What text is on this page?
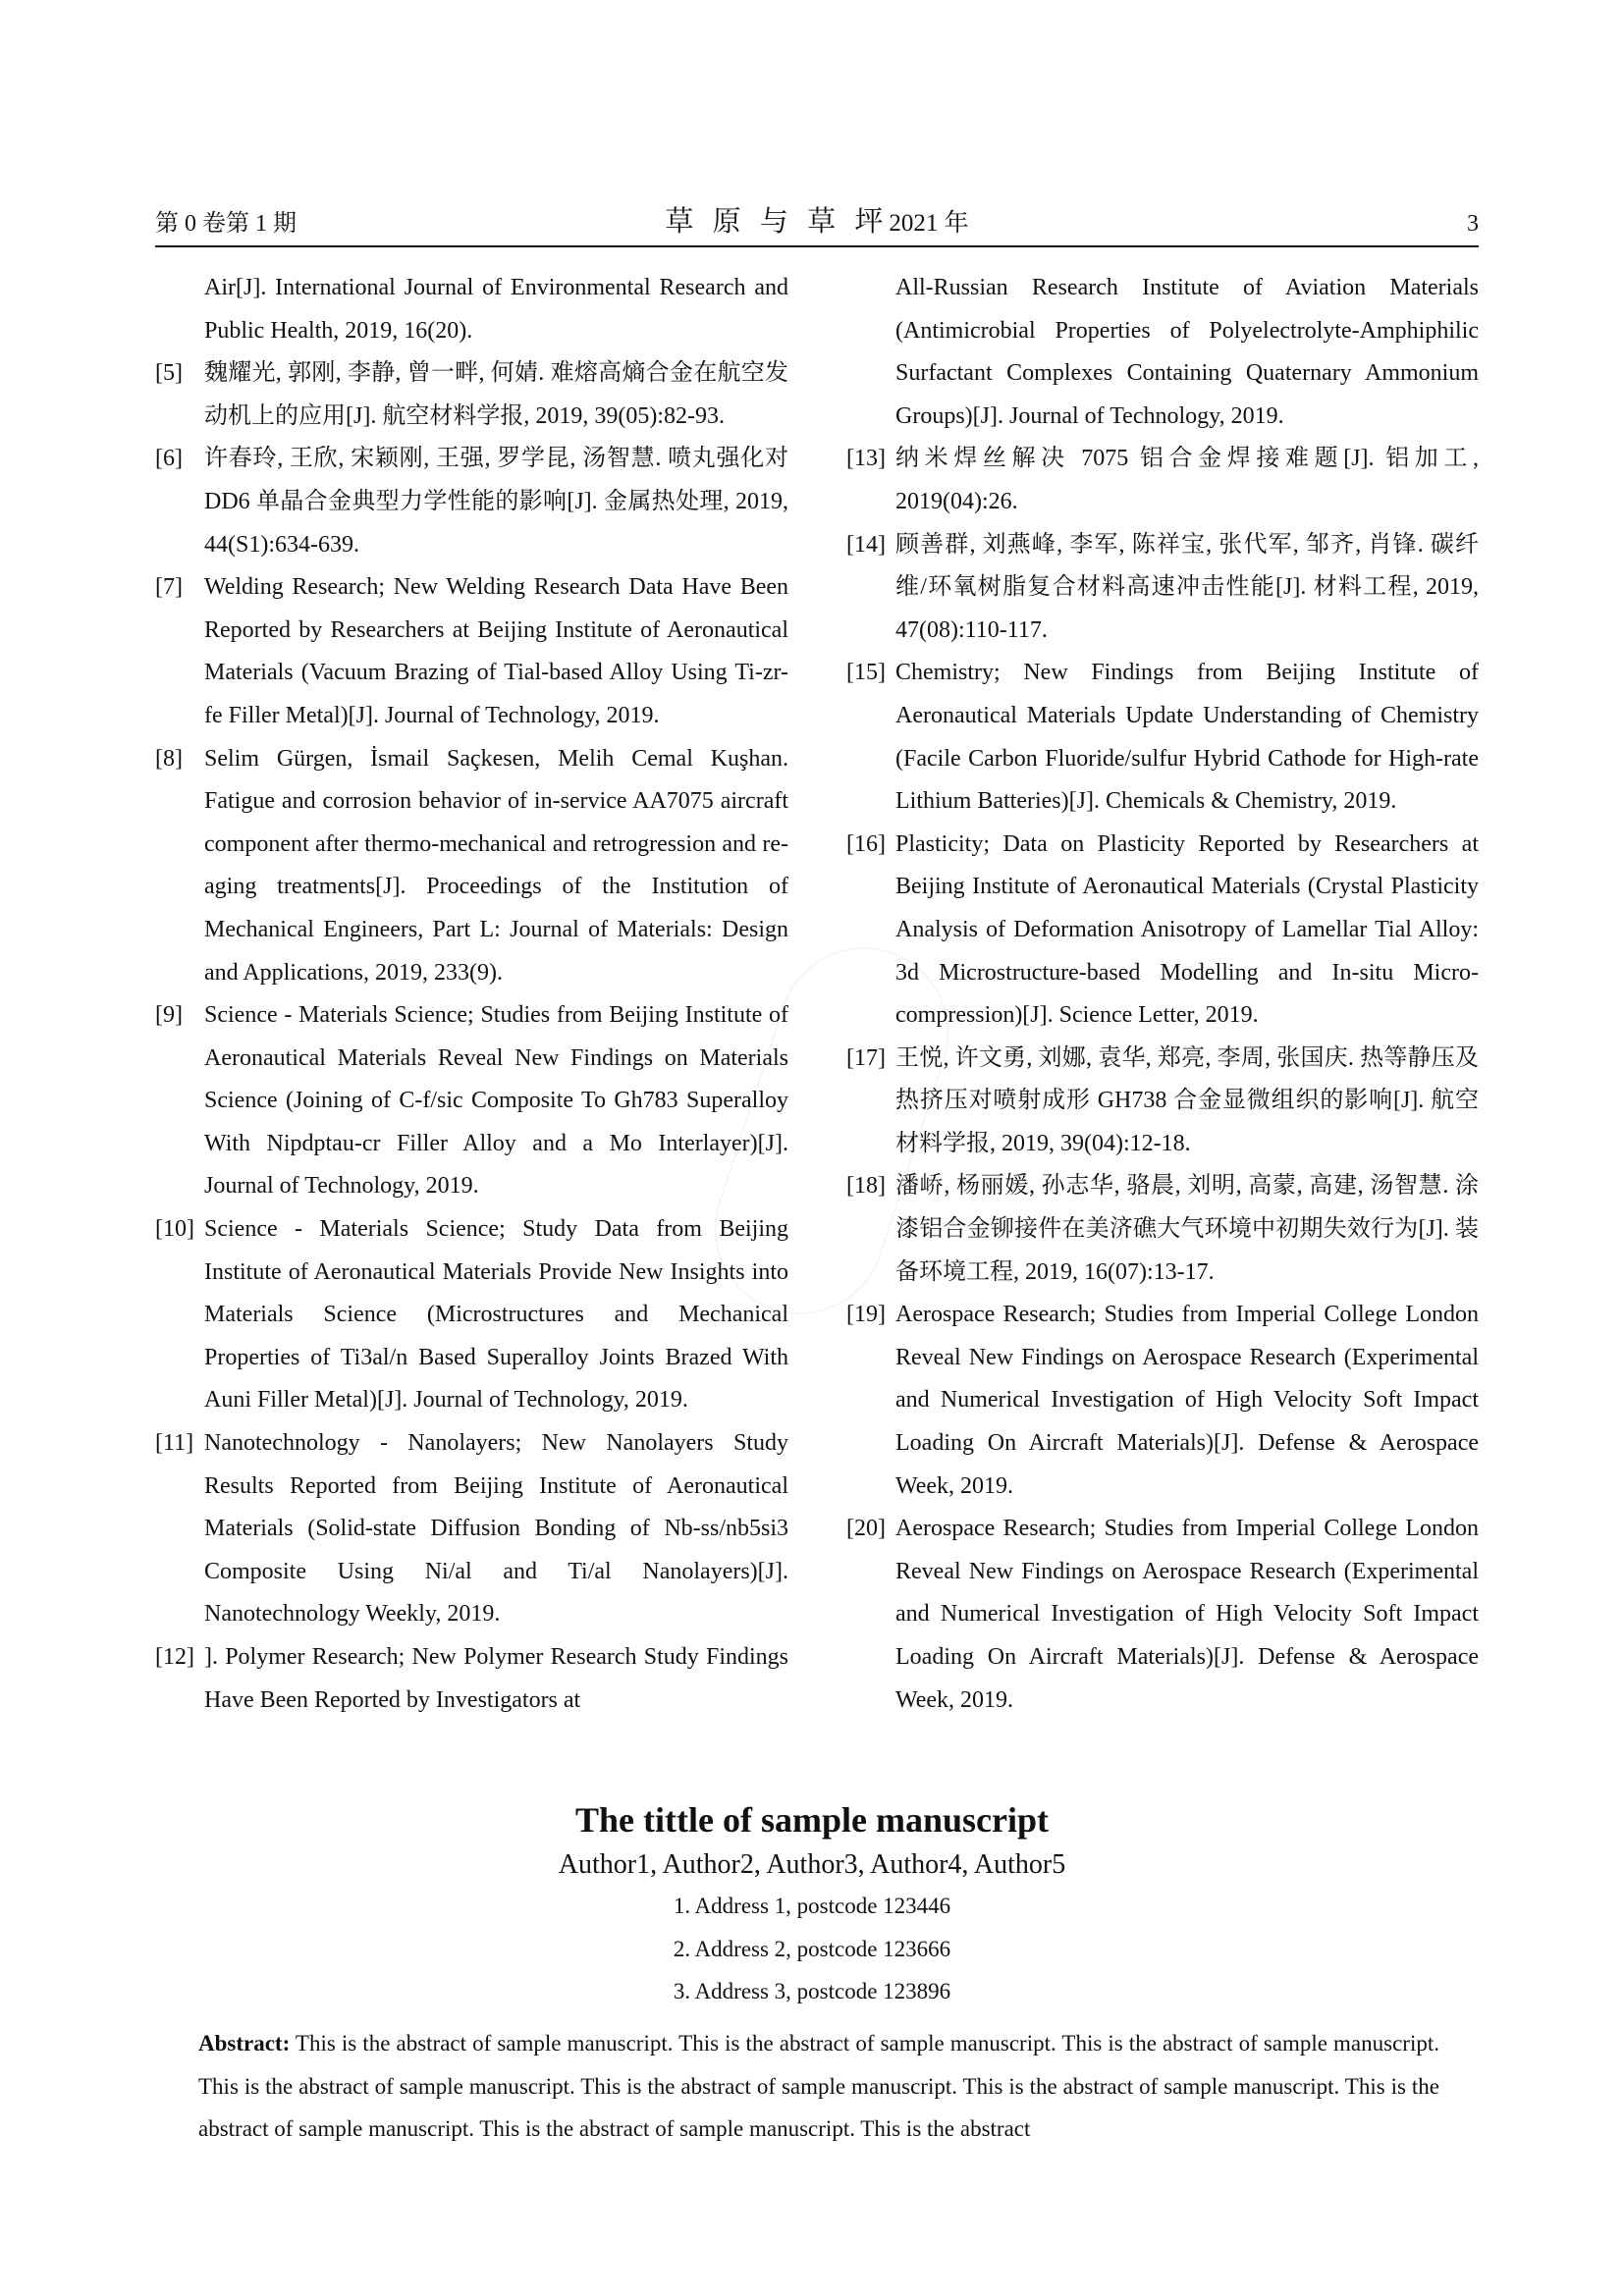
第 0 卷第 1 期	草 原 与 草 坪2021 年	3
Air[J]. International Journal of Environmental Research and Public Health, 2019, 16(20).
[5] 魏耀光, 郭刚, 李静, 曾一畔, 何婧. 难熔高熵合金在航空发动机上的应用[J]. 航空材料学报, 2019, 39(05):82-93.
[6] 许春玲, 王欣, 宋颖刚, 王强, 罗学昆, 汤智慧. 喷丸强化对 DD6 单晶合金典型力学性能的影响[J]. 金属热处理, 2019, 44(S1):634-639.
[7] Welding Research; New Welding Research Data Have Been Reported by Researchers at Beijing Institute of Aeronautical Materials (Vacuum Brazing of Tial-based Alloy Using Ti-zr-fe Filler Metal)[J]. Journal of Technology, 2019.
[8] Selim Gürgen, İsmail Saçkesen, Melih Cemal Kuşhan. Fatigue and corrosion behavior of in-service AA7075 aircraft component after thermo-mechanical and retrogression and re-aging treatments[J]. Proceedings of the Institution of Mechanical Engineers, Part L: Journal of Materials: Design and Applications, 2019, 233(9).
[9] Science - Materials Science; Studies from Beijing Institute of Aeronautical Materials Reveal New Findings on Materials Science (Joining of C-f/sic Composite To Gh783 Superalloy With Nipdptau-cr Filler Alloy and a Mo Interlayer)[J]. Journal of Technology, 2019.
[10] Science - Materials Science; Study Data from Beijing Institute of Aeronautical Materials Provide New Insights into Materials Science (Microstructures and Mechanical Properties of Ti3al/n Based Superalloy Joints Brazed With Auni Filler Metal)[J]. Journal of Technology, 2019.
[11] Nanotechnology - Nanolayers; New Nanolayers Study Results Reported from Beijing Institute of Aeronautical Materials (Solid-state Diffusion Bonding of Nb-ss/nb5si3 Composite Using Ni/al and Ti/al Nanolayers)[J]. Nanotechnology Weekly, 2019.
[12] ]. Polymer Research; New Polymer Research Study Findings Have Been Reported by Investigators at
All-Russian Research Institute of Aviation Materials (Antimicrobial Properties of Polyelectrolyte-Amphiphilic Surfactant Complexes Containing Quaternary Ammonium Groups)[J]. Journal of Technology, 2019.
[13] 纳米焊丝解决 7075 铝合金焊接难题[J]. 铝加工, 2019(04):26.
[14] 顾善群, 刘燕峰, 李军, 陈祥宝, 张代军, 邹齐, 肖锋. 碳纤维/环氧树脂复合材料高速冲击性能[J]. 材料工程, 2019, 47(08):110-117.
[15] Chemistry; New Findings from Beijing Institute of Aeronautical Materials Update Understanding of Chemistry (Facile Carbon Fluoride/sulfur Hybrid Cathode for High-rate Lithium Batteries)[J]. Chemicals & Chemistry, 2019.
[16] Plasticity; Data on Plasticity Reported by Researchers at Beijing Institute of Aeronautical Materials (Crystal Plasticity Analysis of Deformation Anisotropy of Lamellar Tial Alloy: 3d Microstructure-based Modelling and In-situ Micro-compression)[J]. Science Letter, 2019.
[17] 王悦, 许文勇, 刘娜, 袁华, 郑亮, 李周, 张国庆. 热等静压及热挤压对喷射成形 GH738 合金显微组织的影响[J]. 航空材料学报, 2019, 39(04):12-18.
[18] 潘峤, 杨丽媛, 孙志华, 骆晨, 刘明, 高蒙, 高建, 汤智慧. 涂漆铝合金铆接件在美济礁大气环境中初期失效行为[J]. 装备环境工程, 2019, 16(07):13-17.
[19] Aerospace Research; Studies from Imperial College London Reveal New Findings on Aerospace Research (Experimental and Numerical Investigation of High Velocity Soft Impact Loading On Aircraft Materials)[J]. Defense & Aerospace Week, 2019.
[20] Aerospace Research; Studies from Imperial College London Reveal New Findings on Aerospace Research (Experimental and Numerical Investigation of High Velocity Soft Impact Loading On Aircraft Materials)[J]. Defense & Aerospace Week, 2019.
The tittle of sample manuscript
Author1, Author2, Author3, Author4, Author5
1. Address 1, postcode 123446
2. Address 2, postcode 123666
3. Address 3, postcode 123896
Abstract: This is the abstract of sample manuscript. This is the abstract of sample manuscript. This is the abstract of sample manuscript. This is the abstract of sample manuscript. This is the abstract of sample manuscript. This is the abstract of sample manuscript. This is the abstract of sample manuscript. This is the abstract of sample manuscript. This is the abstract
